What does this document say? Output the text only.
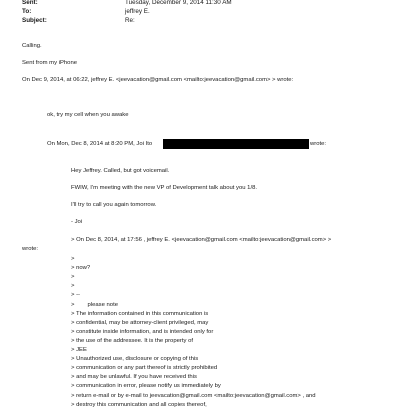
Sent:	Tuesday, December 9, 2014 11:30 AM
To:	jeffrey E.
Subject:	Re:
Calling.
Sent from my iPhone
On Dec 9, 2014, at 06:22, jeffrey E. <jeevacation@gmail.com <mailto:jeevacation@gmail.com> > wrote:
ok, try my cell when you awake
On Mon, Dec 8, 2014 at 8:20 PM, Joi Ito	wrote:
Hey Jeffrey. Called, but got voicemail.
FWIW, I'm meeting with the new VP of Development talk about you 1/8.
I'll try to call you again tomorrow.
- Joi
> On Dec 8, 2014, at 17:56 , jeffrey E. <jeevacation@gmail.com <mailto:jeevacation@gmail.com> >
wrote:
>
> now?
>
>
> --
>        please note
> The information contained in this communication is
> confidential, may be attorney-client privileged, may
> constitute inside information, and is intended only for
> the use of the addressee. It is the property of
> JEE
> Unauthorized use, disclosure or copying of this
> communication or any part thereof is strictly prohibited
> and may be unlawful. If you have received this
> communication in error, please notify us immediately by
> return e-mail or by e-mail to jeevacation@gmail.com <mailto:jeevacation@gmail.com> , and
> destroy this communication and all copies thereof,
